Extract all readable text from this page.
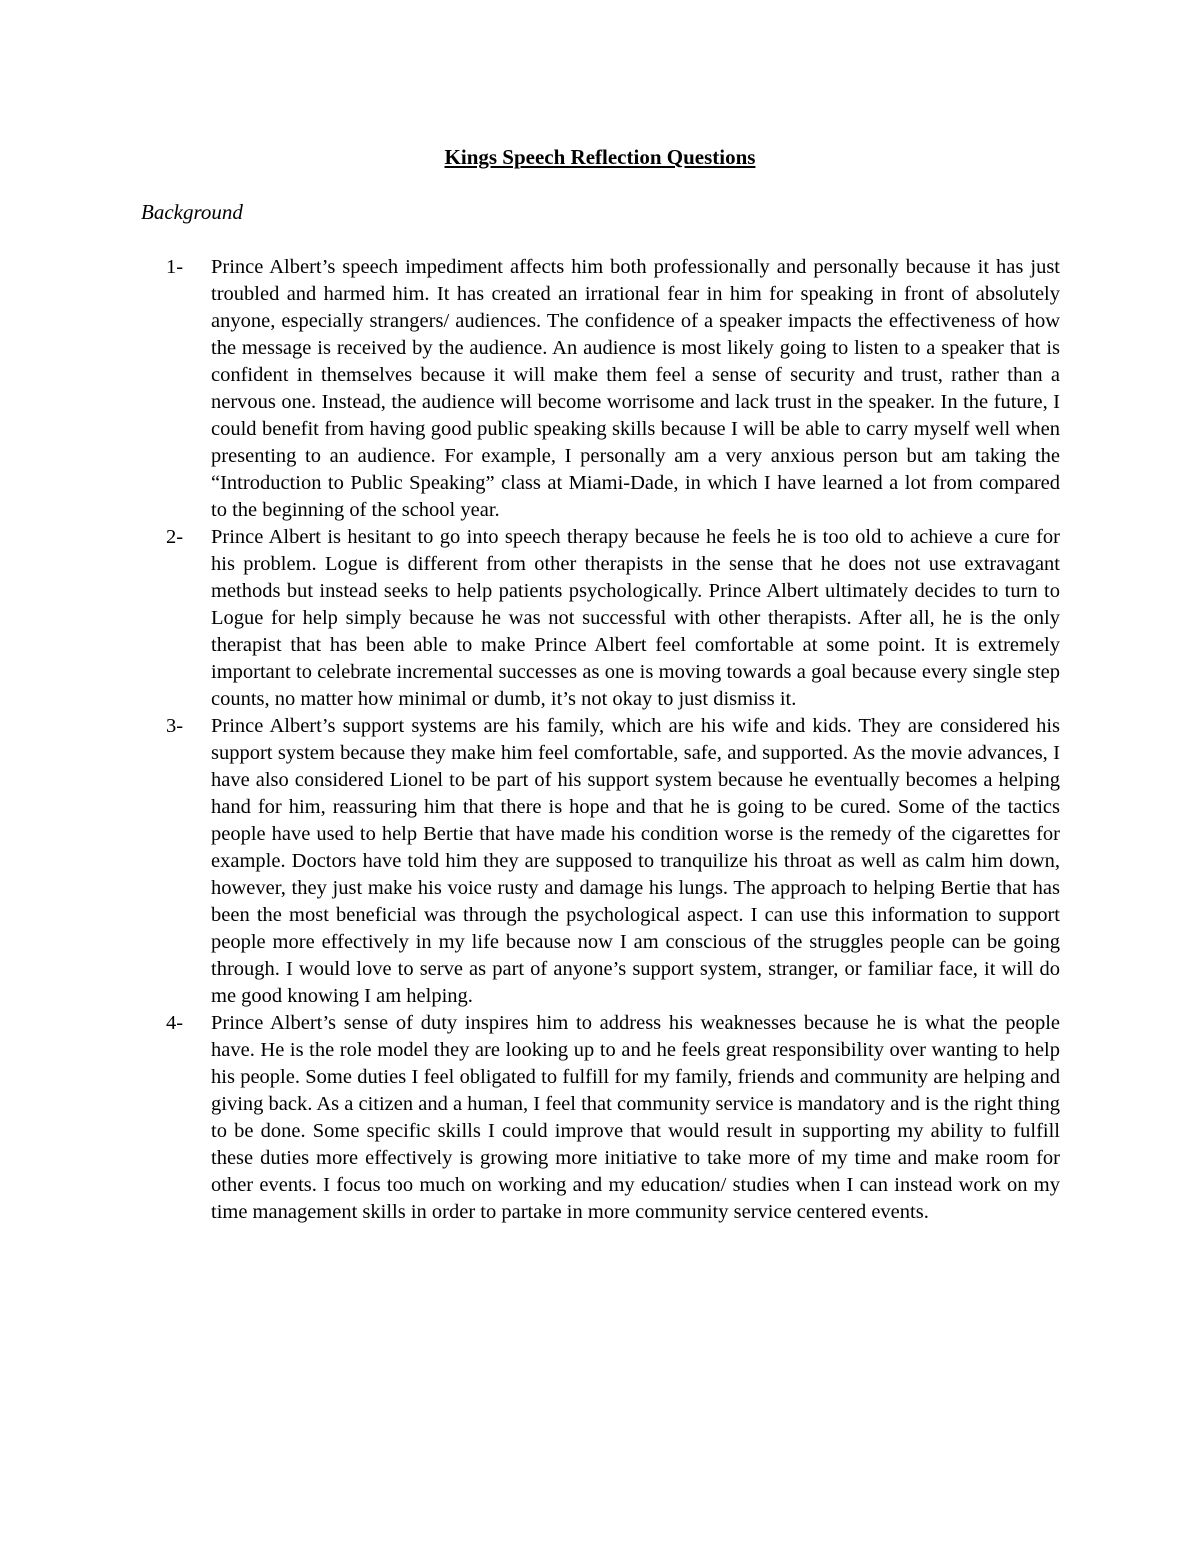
Kings Speech Reflection Questions
Background
1- Prince Albert’s speech impediment affects him both professionally and personally because it has just troubled and harmed him. It has created an irrational fear in him for speaking in front of absolutely anyone, especially strangers/ audiences. The confidence of a speaker impacts the effectiveness of how the message is received by the audience. An audience is most likely going to listen to a speaker that is confident in themselves because it will make them feel a sense of security and trust, rather than a nervous one. Instead, the audience will become worrisome and lack trust in the speaker. In the future, I could benefit from having good public speaking skills because I will be able to carry myself well when presenting to an audience. For example, I personally am a very anxious person but am taking the “Introduction to Public Speaking” class at Miami-Dade, in which I have learned a lot from compared to the beginning of the school year.
2- Prince Albert is hesitant to go into speech therapy because he feels he is too old to achieve a cure for his problem. Logue is different from other therapists in the sense that he does not use extravagant methods but instead seeks to help patients psychologically. Prince Albert ultimately decides to turn to Logue for help simply because he was not successful with other therapists. After all, he is the only therapist that has been able to make Prince Albert feel comfortable at some point. It is extremely important to celebrate incremental successes as one is moving towards a goal because every single step counts, no matter how minimal or dumb, it’s not okay to just dismiss it.
3- Prince Albert’s support systems are his family, which are his wife and kids. They are considered his support system because they make him feel comfortable, safe, and supported. As the movie advances, I have also considered Lionel to be part of his support system because he eventually becomes a helping hand for him, reassuring him that there is hope and that he is going to be cured. Some of the tactics people have used to help Bertie that have made his condition worse is the remedy of the cigarettes for example. Doctors have told him they are supposed to tranquilize his throat as well as calm him down, however, they just make his voice rusty and damage his lungs. The approach to helping Bertie that has been the most beneficial was through the psychological aspect. I can use this information to support people more effectively in my life because now I am conscious of the struggles people can be going through. I would love to serve as part of anyone’s support system, stranger, or familiar face, it will do me good knowing I am helping.
4- Prince Albert’s sense of duty inspires him to address his weaknesses because he is what the people have. He is the role model they are looking up to and he feels great responsibility over wanting to help his people. Some duties I feel obligated to fulfill for my family, friends and community are helping and giving back. As a citizen and a human, I feel that community service is mandatory and is the right thing to be done. Some specific skills I could improve that would result in supporting my ability to fulfill these duties more effectively is growing more initiative to take more of my time and make room for other events. I focus too much on working and my education/ studies when I can instead work on my time management skills in order to partake in more community service centered events.
